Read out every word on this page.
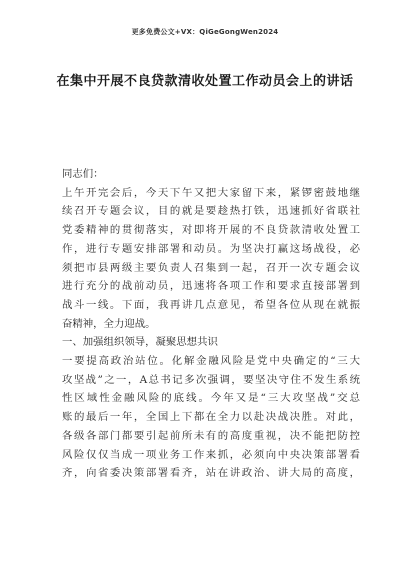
更多免费公文+VX：QiGeGongWen2024
在集中开展不良贷款清收处置工作动员会上的讲话
同志们：

上午开完会后，今天下午又把大家留下来，紧锣密鼓地继
续召开专题会议，目的就是要趁热打铁，迅速抓好省联社
党委精神的贯彻落实，对即将开展的不良贷款清收处置工
作，进行专题安排部署和动员。为坚决打赢这场战役，必
须把市县两级主要负责人召集到一起，召开一次专题会议
进行充分的战前动员，迅速将各项工作和要求直接部署到
战斗一线。下面，我再讲几点意见，希望各位从现在就振
奋精神，全力迎战。

一、加强组织领导，凝聚思想共识

一要提高政治站位。化解金融风险是党中央确定的“三大
攻坚战”之一，A总书记多次强调，要坚决守住不发生系统
性区域性金融风险的底线。今年又是“三大攻坚战”交总
账的最后一年，全国上下都在全力以赴决战决胜。对此，
各级各部门都要引起前所未有的高度重视，决不能把防控
风险仅仅当成一项业务工作来抓，必须向中央决策部署看
齐，向省委决策部署看齐，站在讲政治、讲大局的高度，
